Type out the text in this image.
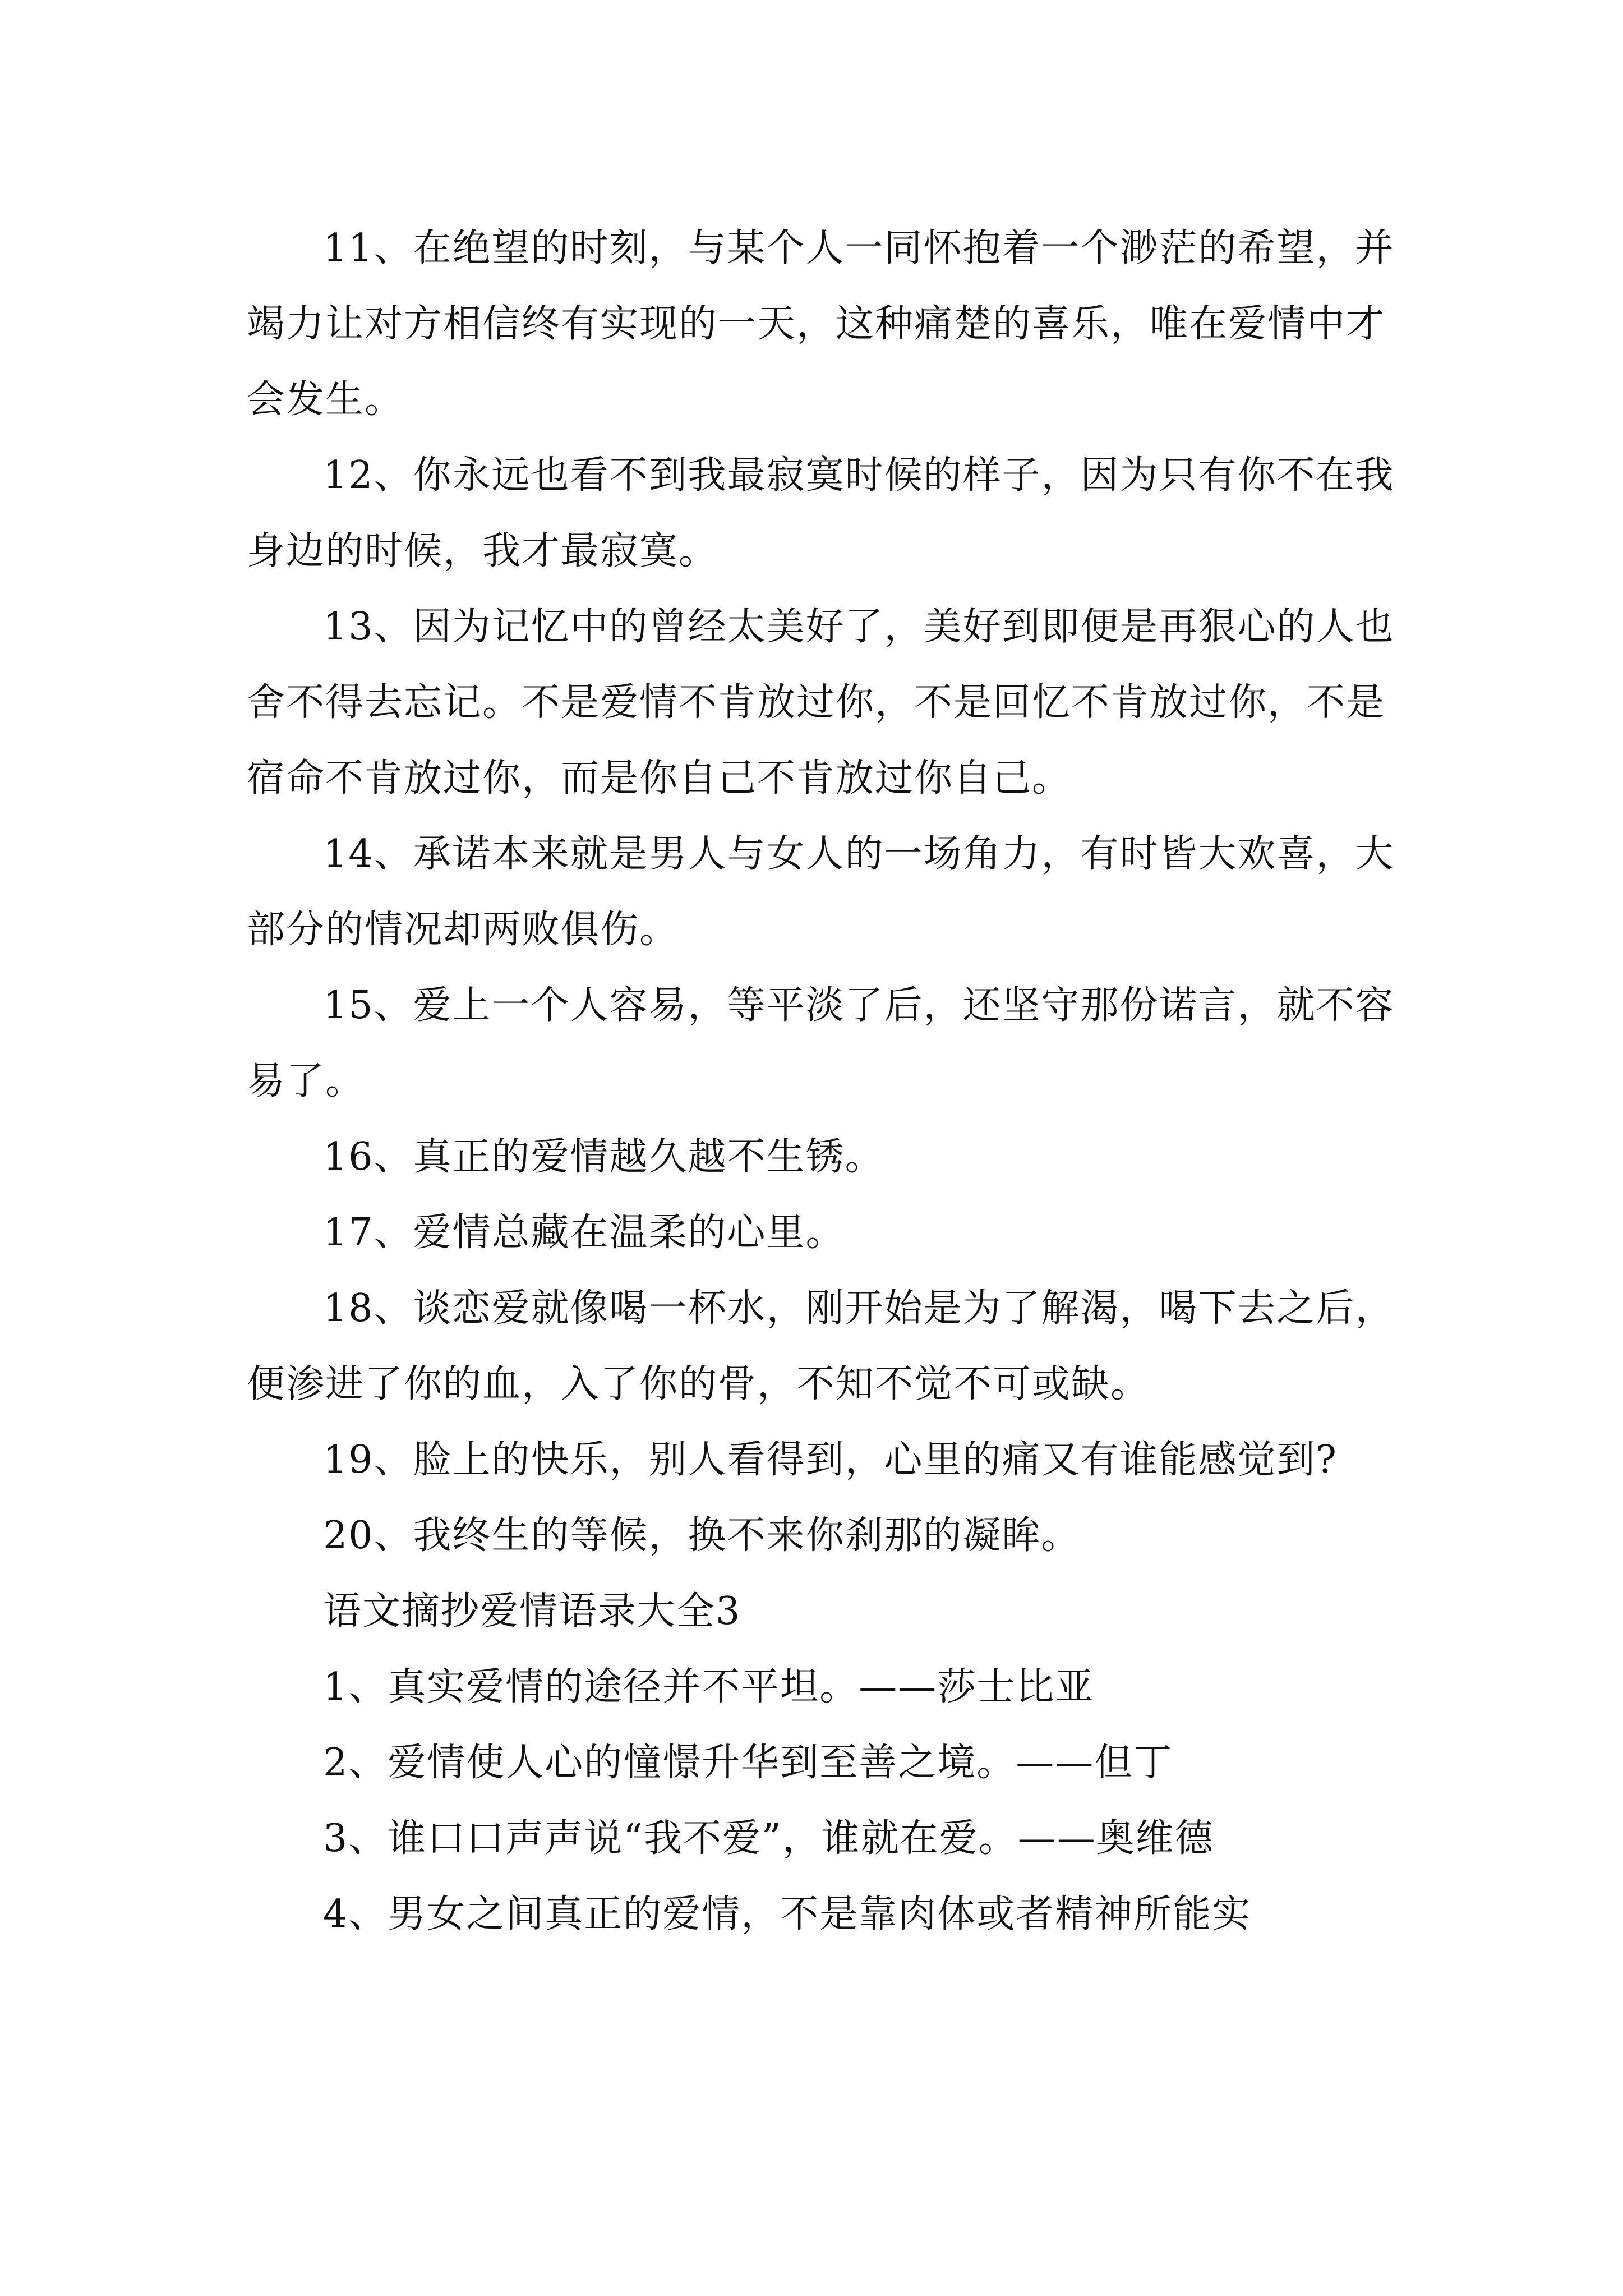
11、在绝望的时刻，与某个人一同怀抱着一个渺茫的希望，并竭力让对方相信终有实现的一天，这种痛楚的喜乐，唯在爱情中才会发生。

12、你永远也看不到我最寂寞时候的样子，因为只有你不在我身边的时候，我才最寂寞。

13、因为记忆中的曾经太美好了，美好到即便是再狠心的人也舍不得去忘记。不是爱情不肯放过你，不是回忆不肯放过你，不是宿命不肯放过你，而是你自己不肯放过你自己。

14、承诺本来就是男人与女人的一场角力，有时皆大欢喜，大部分的情况却两败俱伤。

15、爱上一个人容易，等平淡了后，还坚守那份诺言，就不容易了。

16、真正的爱情越久越不生锈。

17、爱情总藏在温柔的心里。

18、谈恋爱就像喝一杯水，刚开始是为了解渴，喝下去之后，便渗进了你的血，入了你的骨，不知不觉不可或缺。

19、脸上的快乐，别人看得到，心里的痛又有谁能感觉到?

20、我终生的等候，换不来你刹那的凝眸。

语文摘抄爱情语录大全3

1、真实爱情的途径并不平坦。——莎士比亚

2、爱情使人心的憧憬升华到至善之境。——但丁

3、谁口口声声说“我不爱”，谁就在爱。——奥维德

4、男女之间真正的爱情，不是靠肉体或者精神所能实
